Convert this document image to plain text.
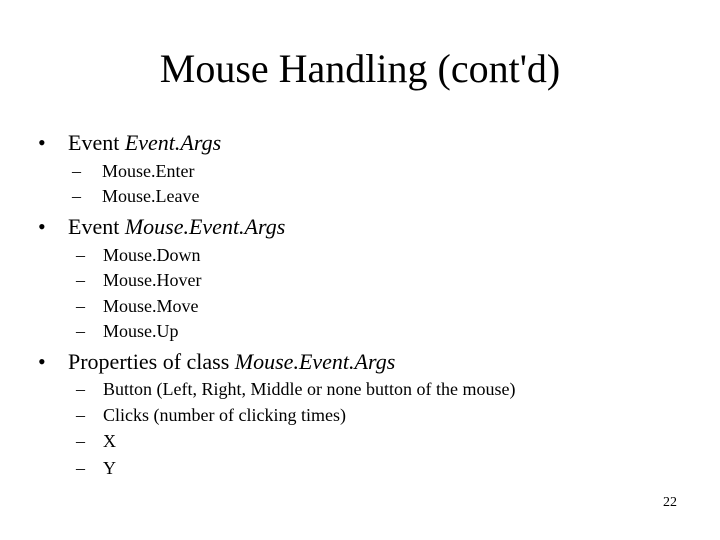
Mouse Handling (cont'd)
• Event Event.Args
– Mouse.Enter
– Mouse.Leave
• Event Mouse.Event.Args
– Mouse.Down
– Mouse.Hover
– Mouse.Move
– Mouse.Up
• Properties of class Mouse.Event.Args
– Button (Left, Right, Middle or none button of the mouse)
– Clicks (number of clicking times)
– X
– Y
22
